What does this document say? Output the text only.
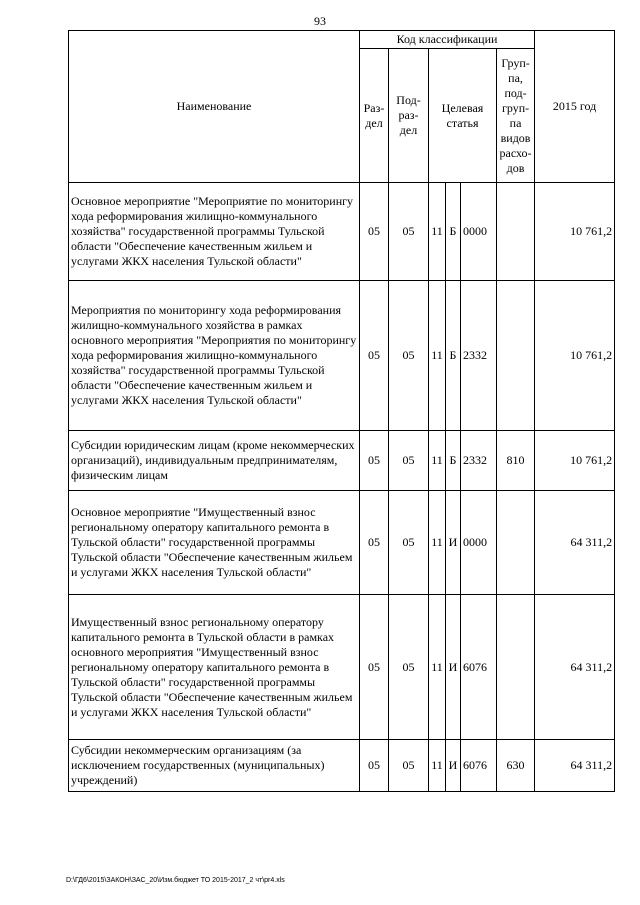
93
Наименование	Код классификации						2015 год
	Раз- дел	Под- раз- дел	Целевая статья			Груп- па, под- груп- па видов расхо- дов	
Основное мероприятие "Мероприятие по мониторингу хода реформирования жилищно-коммунального хозяйства" государственной программы Тульской области "Обеспечение качественным жильем и услугами ЖКХ населения Тульской области"	05	05	11	Б	0000		10 761,2
Мероприятия по мониторингу хода реформирования жилищно-коммунального хозяйства в рамках основного мероприятия "Мероприятия по мониторингу хода реформирования жилищно-коммунального хозяйства" государственной программы Тульской области "Обеспечение качественным жильем и услугами ЖКХ населения Тульской области"	05	05	11	Б	2332		10 761,2
Субсидии юридическим лицам (кроме некоммерческих организаций), индивидуальным предпринимателям, физическим лицам	05	05	11	Б	2332	810	10 761,2
Основное мероприятие "Имущественный взнос региональному оператору капитального ремонта в Тульской области" государственной программы Тульской области "Обеспечение качественным жильем и услугами ЖКХ населения Тульской области"	05	05	11	И	0000		64 311,2
Имущественный взнос региональному оператору капитального ремонта в Тульской области в рамках основного мероприятия "Имущественный взнос региональному оператору капитального ремонта в Тульской области" государственной программы Тульской области "Обеспечение качественным жильем и услугами ЖКХ населения Тульской области"	05	05	11	И	6076		64 311,2
Субсидии некоммерческим организациям (за исключением государственных (муниципальных) учреждений)	05	05	11	И	6076	630	64 311,2
D:\ГД6\2015\ЗАКОН\ЗАС_20\Изм.бюджет ТО 2015-2017_2 чт\pr4.xls
